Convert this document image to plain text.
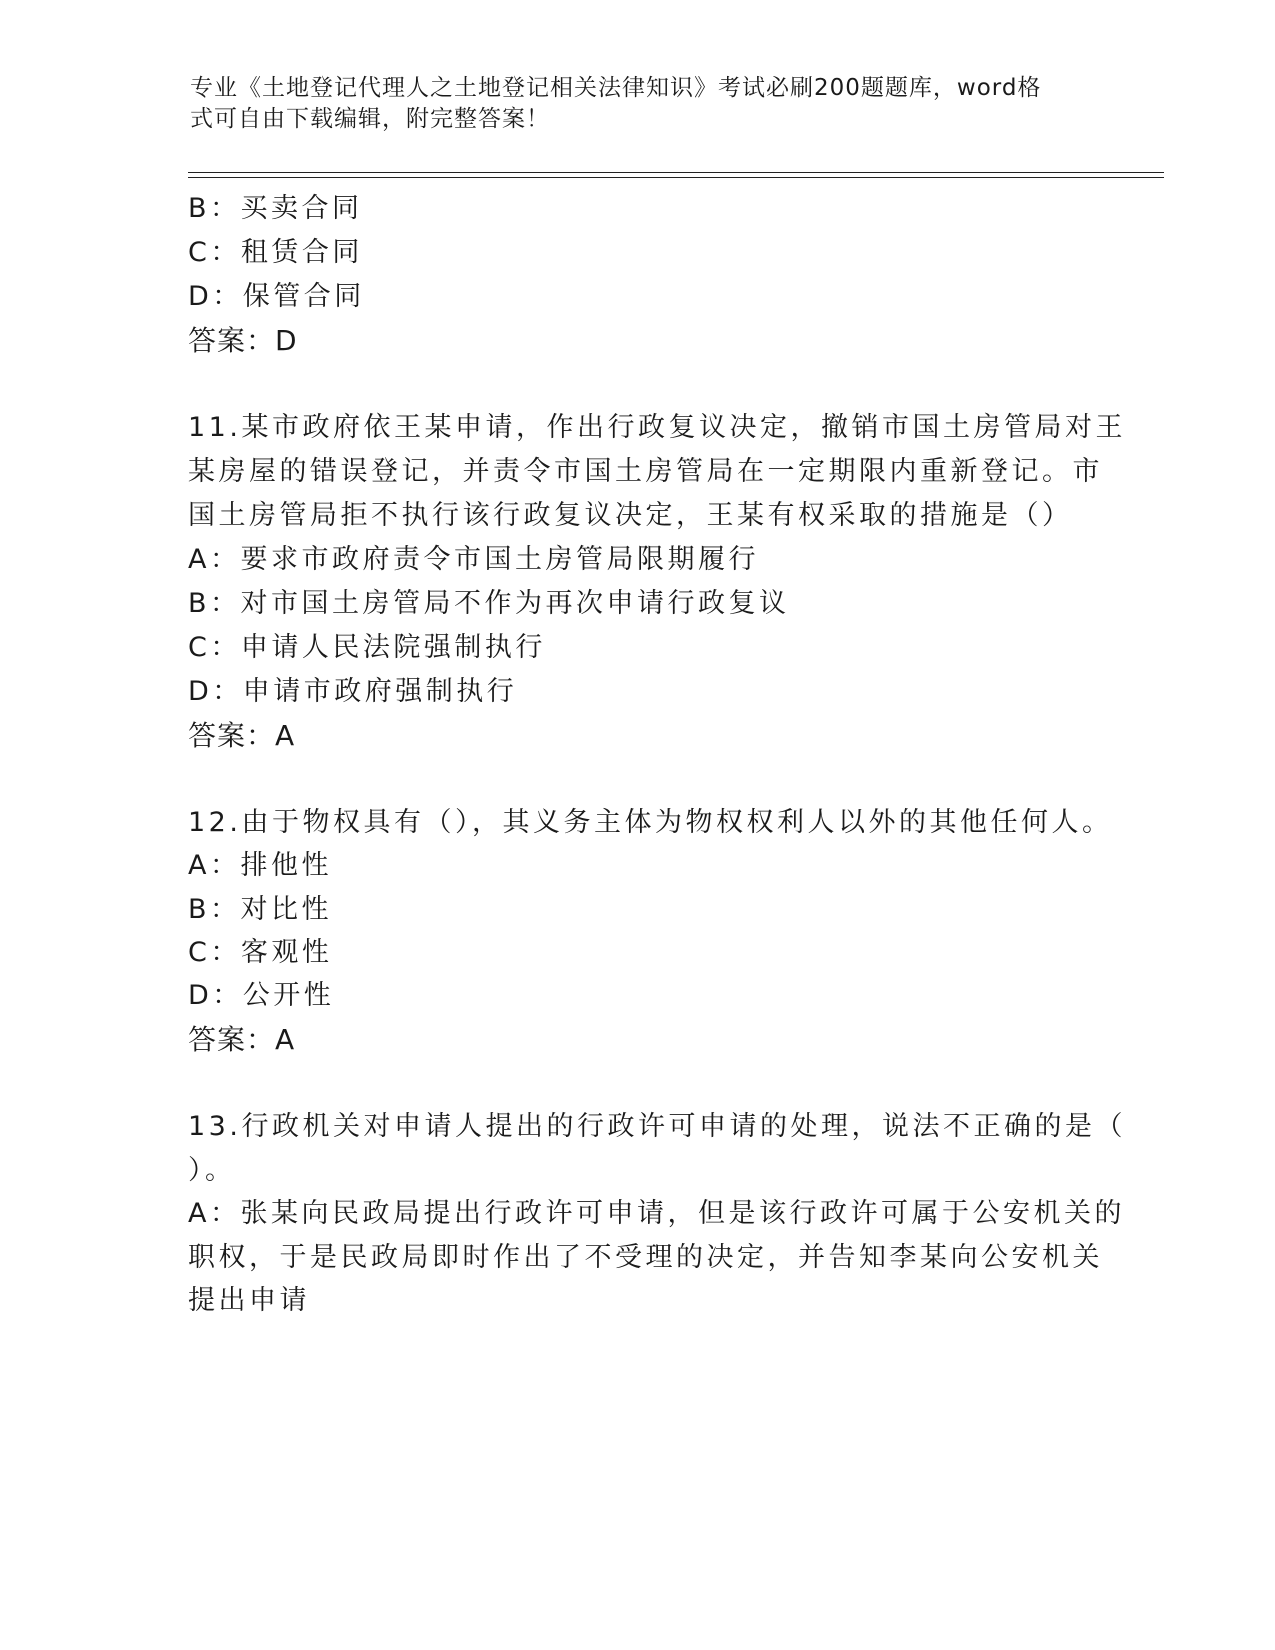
专业《土地登记代理人之土地登记相关法律知识》考试必刷200题题库，word格
式可自由下载编辑，附完整答案！
B：买卖合同
C：租赁合同
D：保管合同
答案：D
11.某市政府依王某申请，作出行政复议决定，撤销市国土房管局对王
某房屋的错误登记，并责令市国土房管局在一定期限内重新登记。市
国土房管局拒不执行该行政复议决定，王某有权采取的措施是（）
A：要求市政府责令市国土房管局限期履行
B：对市国土房管局不作为再次申请行政复议
C：申请人民法院强制执行
D：申请市政府强制执行
答案：A
12.由于物权具有（），其义务主体为物权权利人以外的其他任何人。
A：排他性
B：对比性
C：客观性
D：公开性
答案：A
13.行政机关对申请人提出的行政许可申请的处理，说法不正确的是（
）。
A：张某向民政局提出行政许可申请，但是该行政许可属于公安机关的
职权，于是民政局即时作出了不受理的决定，并告知李某向公安机关
提出申请
